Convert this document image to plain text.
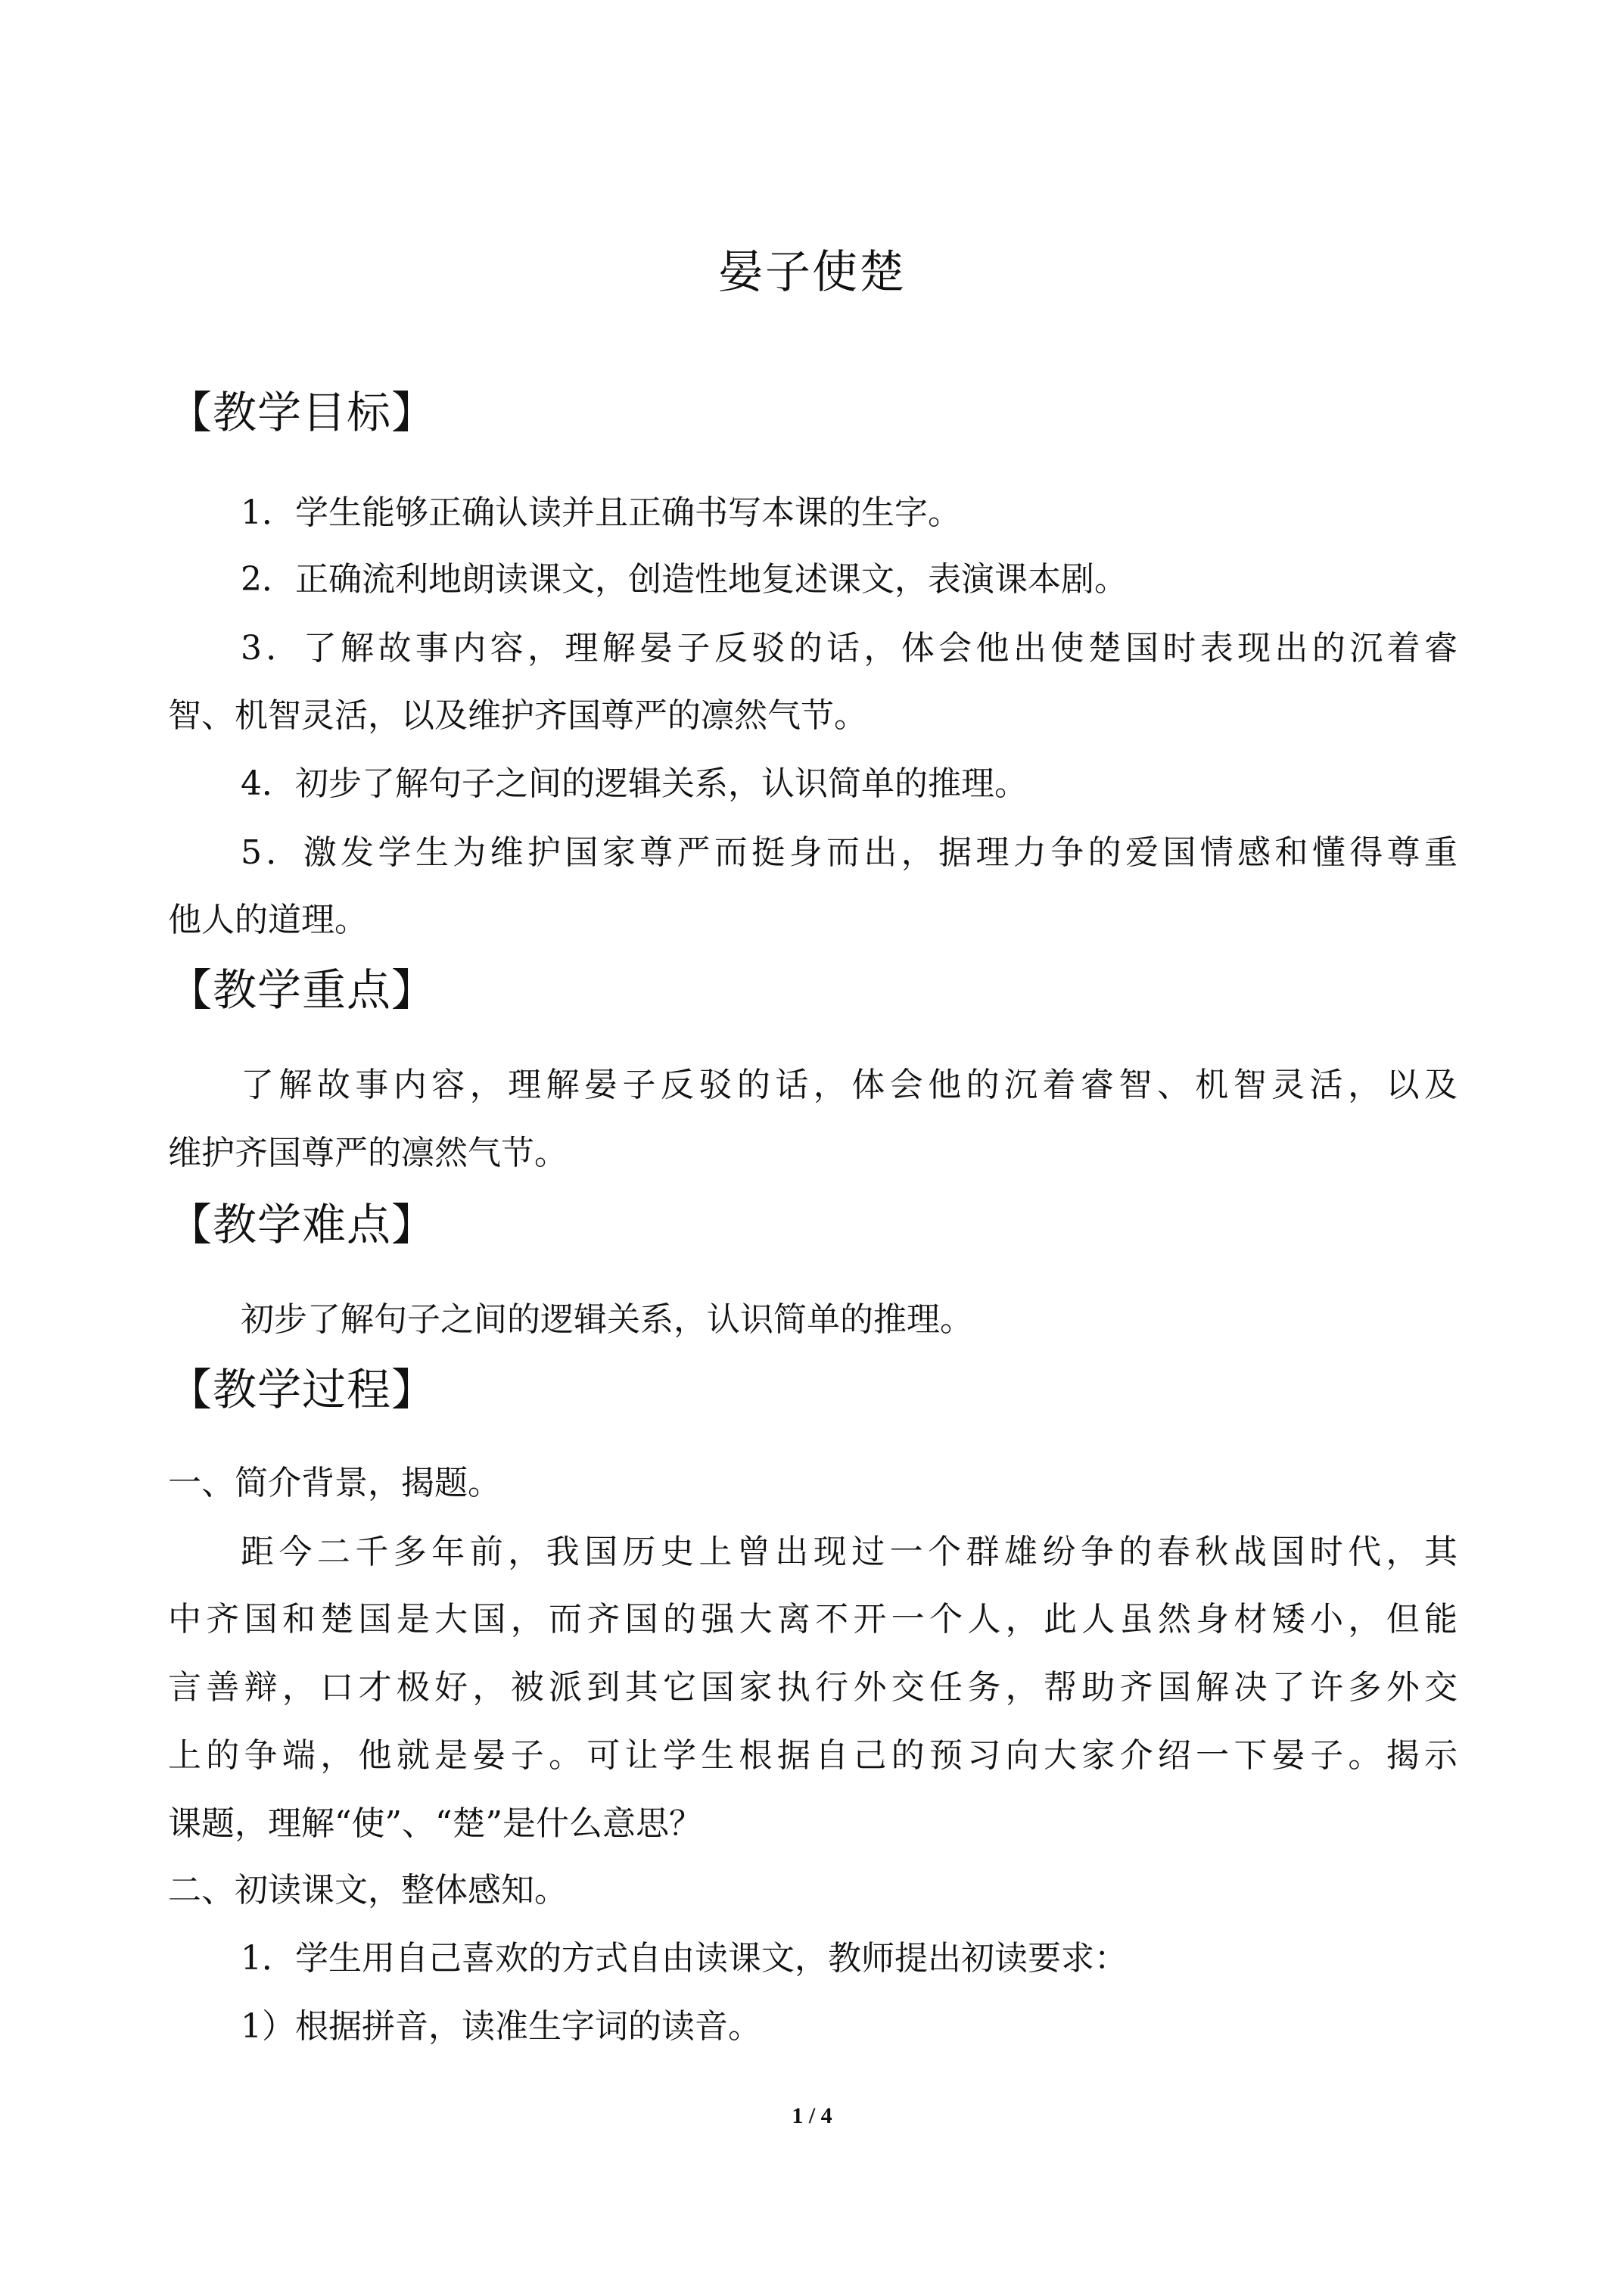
晏子使楚
【教学目标】
1．学生能够正确认读并且正确书写本课的生字。
2．正确流利地朗读课文，创造性地复述课文，表演课本剧。
3．了解故事内容，理解晏子反驳的话，体会他出使楚国时表现出的沉着睿
智、机智灵活，以及维护齐国尊严的凛然气节。
4．初步了解句子之间的逻辑关系，认识简单的推理。
5．激发学生为维护国家尊严而挺身而出，据理力争的爱国情感和懂得尊重
他人的道理。
【教学重点】
了解故事内容，理解晏子反驳的话，体会他的沉着睿智、机智灵活，以及
维护齐国尊严的凛然气节。
【教学难点】
初步了解句子之间的逻辑关系，认识简单的推理。
【教学过程】
一、简介背景，揭题。
距今二千多年前，我国历史上曾出现过一个群雄纷争的春秋战国时代，其
中齐国和楚国是大国，而齐国的强大离不开一个人，此人虽然身材矮小，但能
言善辩，口才极好，被派到其它国家执行外交任务，帮助齐国解决了许多外交
上的争端，他就是晏子。可让学生根据自己的预习向大家介绍一下晏子。揭示
课题，理解“使”、“楚”是什么意思？
二、初读课文，整体感知。
1．学生用自己喜欢的方式自由读课文，教师提出初读要求：
1）根据拼音，读准生字词的读音。
1 / 4
